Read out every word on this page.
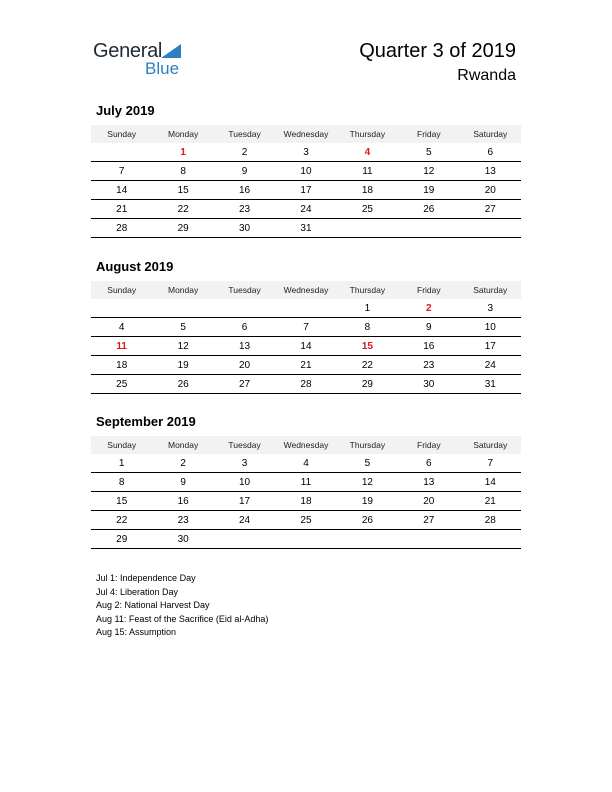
General
Blue
Quarter 3 of 2019
Rwanda
July 2019
Sunday	Monday	Tuesday	Wednesday	Thursday	Friday	Saturday
	1	2	3	4	5	6
7	8	9	10	11	12	13
14	15	16	17	18	19	20
21	22	23	24	25	26	27
28	29	30	31			
August 2019
Sunday	Monday	Tuesday	Wednesday	Thursday	Friday	Saturday
				1	2	3
4	5	6	7	8	9	10
11	12	13	14	15	16	17
18	19	20	21	22	23	24
25	26	27	28	29	30	31
September 2019
Sunday	Monday	Tuesday	Wednesday	Thursday	Friday	Saturday
1	2	3	4	5	6	7
8	9	10	11	12	13	14
15	16	17	18	19	20	21
22	23	24	25	26	27	28
29	30					
Jul 1: Independence Day
Jul 4: Liberation Day
Aug 2: National Harvest Day
Aug 11: Feast of the Sacrifice (Eid al-Adha)
Aug 15: Assumption
